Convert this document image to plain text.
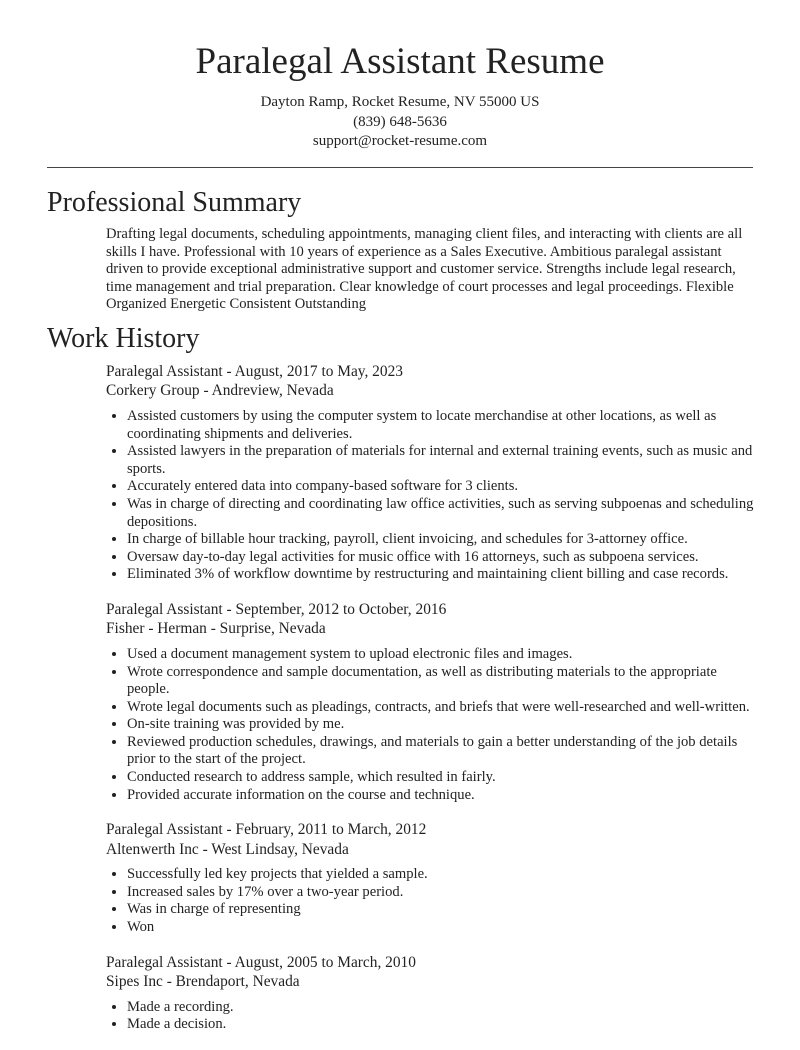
Paralegal Assistant Resume
Dayton Ramp, Rocket Resume, NV 55000 US
(839) 648-5636
support@rocket-resume.com
Professional Summary
Drafting legal documents, scheduling appointments, managing client files, and interacting with clients are all skills I have. Professional with 10 years of experience as a Sales Executive. Ambitious paralegal assistant driven to provide exceptional administrative support and customer service. Strengths include legal research, time management and trial preparation. Clear knowledge of court processes and legal proceedings. Flexible Organized Energetic Consistent Outstanding
Work History
Paralegal Assistant - August, 2017 to May, 2023
Corkery Group - Andreview, Nevada
• Assisted customers by using the computer system to locate merchandise at other locations, as well as coordinating shipments and deliveries.
• Assisted lawyers in the preparation of materials for internal and external training events, such as music and sports.
• Accurately entered data into company-based software for 3 clients.
• Was in charge of directing and coordinating law office activities, such as serving subpoenas and scheduling depositions.
• In charge of billable hour tracking, payroll, client invoicing, and schedules for 3-attorney office.
• Oversaw day-to-day legal activities for music office with 16 attorneys, such as subpoena services.
• Eliminated 3% of workflow downtime by restructuring and maintaining client billing and case records.
Paralegal Assistant - September, 2012 to October, 2016
Fisher - Herman - Surprise, Nevada
• Used a document management system to upload electronic files and images.
• Wrote correspondence and sample documentation, as well as distributing materials to the appropriate people.
• Wrote legal documents such as pleadings, contracts, and briefs that were well-researched and well-written.
• On-site training was provided by me.
• Reviewed production schedules, drawings, and materials to gain a better understanding of the job details prior to the start of the project.
• Conducted research to address sample, which resulted in fairly.
• Provided accurate information on the course and technique.
Paralegal Assistant - February, 2011 to March, 2012
Altenwerth Inc - West Lindsay, Nevada
• Successfully led key projects that yielded a sample.
• Increased sales by 17% over a two-year period.
• Was in charge of representing
• Won
Paralegal Assistant - August, 2005 to March, 2010
Sipes Inc - Brendaport, Nevada
• Made a recording.
• Made a decision.
